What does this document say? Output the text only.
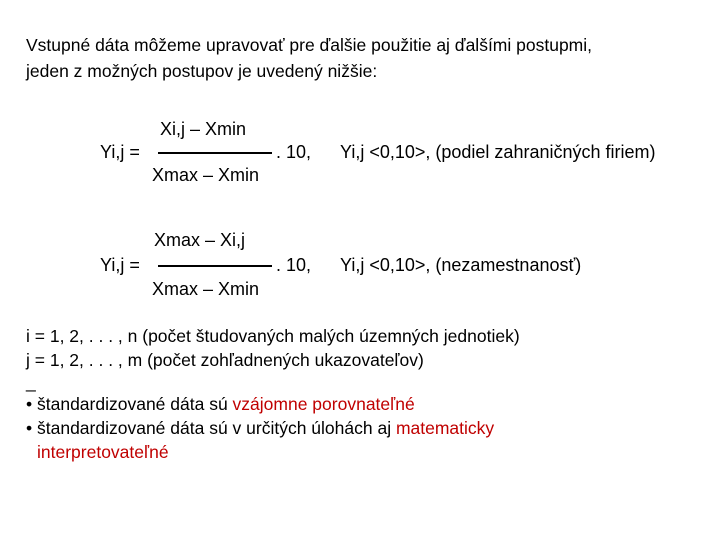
Vstupné dáta môžeme upravovať pre ďalšie použitie aj ďalšími postupmi,
jeden z možných postupov je uvedený nižšie:
Xi,j – Xmin
Yi,j =	. 10, Yi,j <0,10>, (podiel zahraničných firiem)
Xmax – Xmin
Xmax – Xi,j
Yi,j =	. 10, Yi,j <0,10>, (nezamestnanosť)
Xmax – Xmin
i = 1, 2, . . . , n (počet študovaných malých územných jednotiek)
j = 1, 2, . . . , m (počet zohľadnených ukazovateľov)
_
• štandardizované dáta sú vzájomne porovnateľné
• štandardizované dáta sú v určitých úlohách aj matematicky
interpretovateľné
